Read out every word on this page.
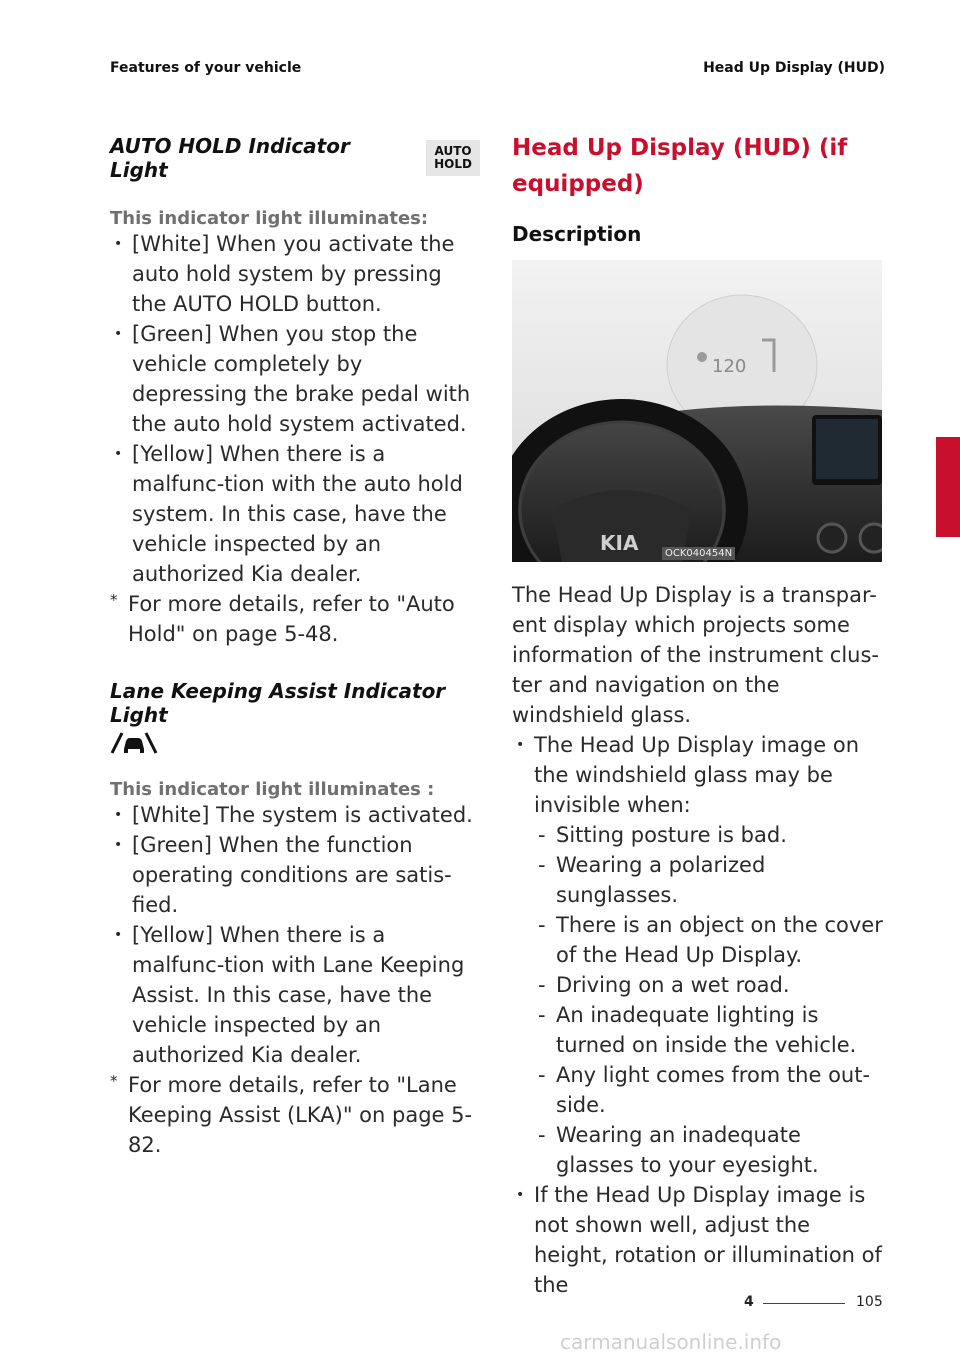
Features of your vehicle	Head Up Display (HUD)
AUTO HOLD Indicator Light
AUTO
HOLD
This indicator light illuminates:
• [White] When you activate the auto hold system by pressing the AUTO HOLD button.
• [Green] When you stop the vehicle completely by depressing the brake pedal with the auto hold system activated.
• [Yellow] When there is a malfunc-tion with the auto hold system. In this case, have the vehicle inspected by an authorized Kia dealer.
* For more details, refer to "Auto Hold" on page 5-48.
Lane Keeping Assist Indicator Light
This indicator light illuminates :
• [White] The system is activated.
• [Green] When the function operating conditions are satis-fied.
• [Yellow] When there is a malfunc-tion with Lane Keeping Assist. In this case, have the vehicle inspected by an authorized Kia dealer.
* For more details, refer to "Lane Keeping Assist (LKA)" on page 5-82.
Head Up Display (HUD) (if equipped)
Description
120
KIA	OCK040454N
The Head Up Display is a transpar-ent display which projects some information of the instrument clus-ter and navigation on the windshield glass.
• The Head Up Display image on the windshield glass may be invisible when:
- Sitting posture is bad.
- Wearing a polarized sunglasses.
- There is an object on the cover of the Head Up Display.
- Driving on a wet road.
- An inadequate lighting is turned on inside the vehicle.
- Any light comes from the out-side.
- Wearing an inadequate glasses to your eyesight.
• If the Head Up Display image is not shown well, adjust the height, rotation or illumination of the
4
4	105
carmanualsonline.info
